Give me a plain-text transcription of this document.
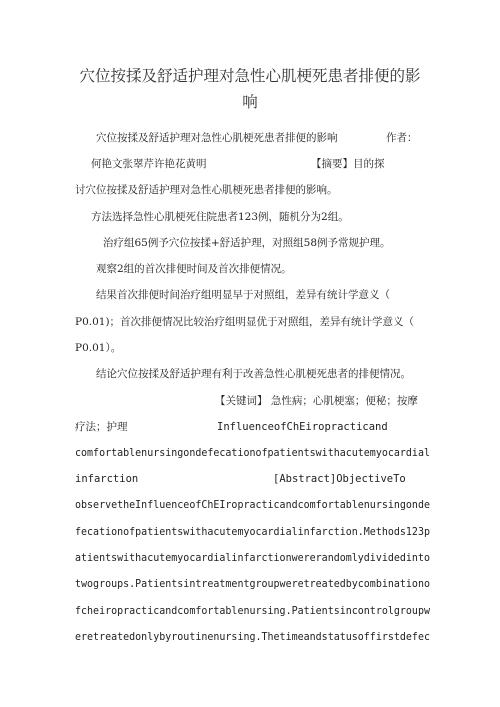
穴位按揉及舒适护理对急性心肌梗死患者排便的影
响
穴位按揉及舒适护理对急性心肌梗死患者排便的影响	作者：
何艳文张翠芹许艳花黄明	【摘要】目的探
讨穴位按揉及舒适护理对急性心肌梗死患者排便的影响。
方法选择急性心肌梗死住院患者123例，随机分为2组。
治疗组65例予穴位按揉+舒适护理，对照组58例予常规护理。
观察2组的首次排便时间及首次排便情况。
结果首次排便时间治疗组明显早于对照组，差异有统计学意义（
P0.01)；首次排便情况比较治疗组明显优于对照组，差异有统计学意义（
P0.01）。
结论穴位按揉及舒适护理有利于改善急性心肌梗死患者的排便情况。
【关键词】 急性病；心肌梗塞；便秘；按摩
疗法；护理	InfluenceofChEiropracticand
comfortablenursingondefecationofpatientswithacutemyocardial
infarction	[Abstract]ObjectiveTo
observetheInfluenceofChEIropracticandcomfortablenursingonde
fecationofpatientswithacutemyocardialinfarction.Methods123p
atientswithacutemyocardialinfarctionwererandomlydividedinto
twogroups.Patientsintreatmentgroupweretreatedbycombinationo
fcheiropracticandcomfortablenursing.Patientsincontrolgroupw
eretreatedonlybyroutinenursing.Thetimeandstatusoffirstdefec
